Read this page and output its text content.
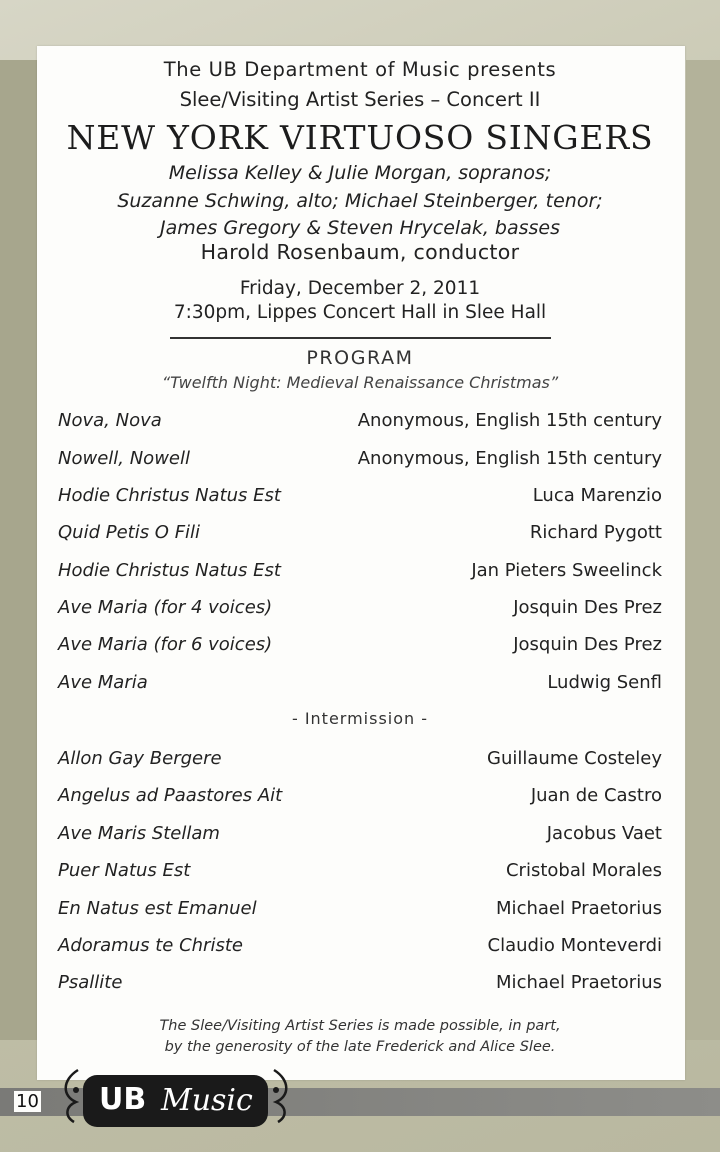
The UB Department of Music presents
Slee/Visiting Artist Series – Concert II
NEW YORK VIRTUOSO SINGERS
Melissa Kelley & Julie Morgan, sopranos;
Suzanne Schwing, alto; Michael Steinberger, tenor;
James Gregory & Steven Hrycelak, basses
Harold Rosenbaum, conductor
Friday, December 2, 2011
7:30pm, Lippes Concert Hall in Slee Hall
PROGRAM
“Twelfth Night: Medieval Renaissance Christmas”
Nova, Nova	Anonymous, English 15th century
Nowell, Nowell	Anonymous, English 15th century
Hodie Christus Natus Est	Luca Marenzio
Quid Petis O Fili	Richard Pygott
Hodie Christus Natus Est	Jan Pieters Sweelinck
Ave Maria (for 4 voices)	Josquin Des Prez
Ave Maria (for 6 voices)	Josquin Des Prez
Ave Maria	Ludwig Senfl
- Intermission -
Allon Gay Bergere	Guillaume Costeley
Angelus ad Paastores Ait	Juan de Castro
Ave Maris Stellam	Jacobus Vaet
Puer Natus Est	Cristobal Morales
En Natus est Emanuel	Michael Praetorius
Adoramus te Christe	Claudio Monteverdi
Psallite	Michael Praetorius
The Slee/Visiting Artist Series is made possible, in part,
by the generosity of the late Frederick and Alice Slee.
10 UB Music
